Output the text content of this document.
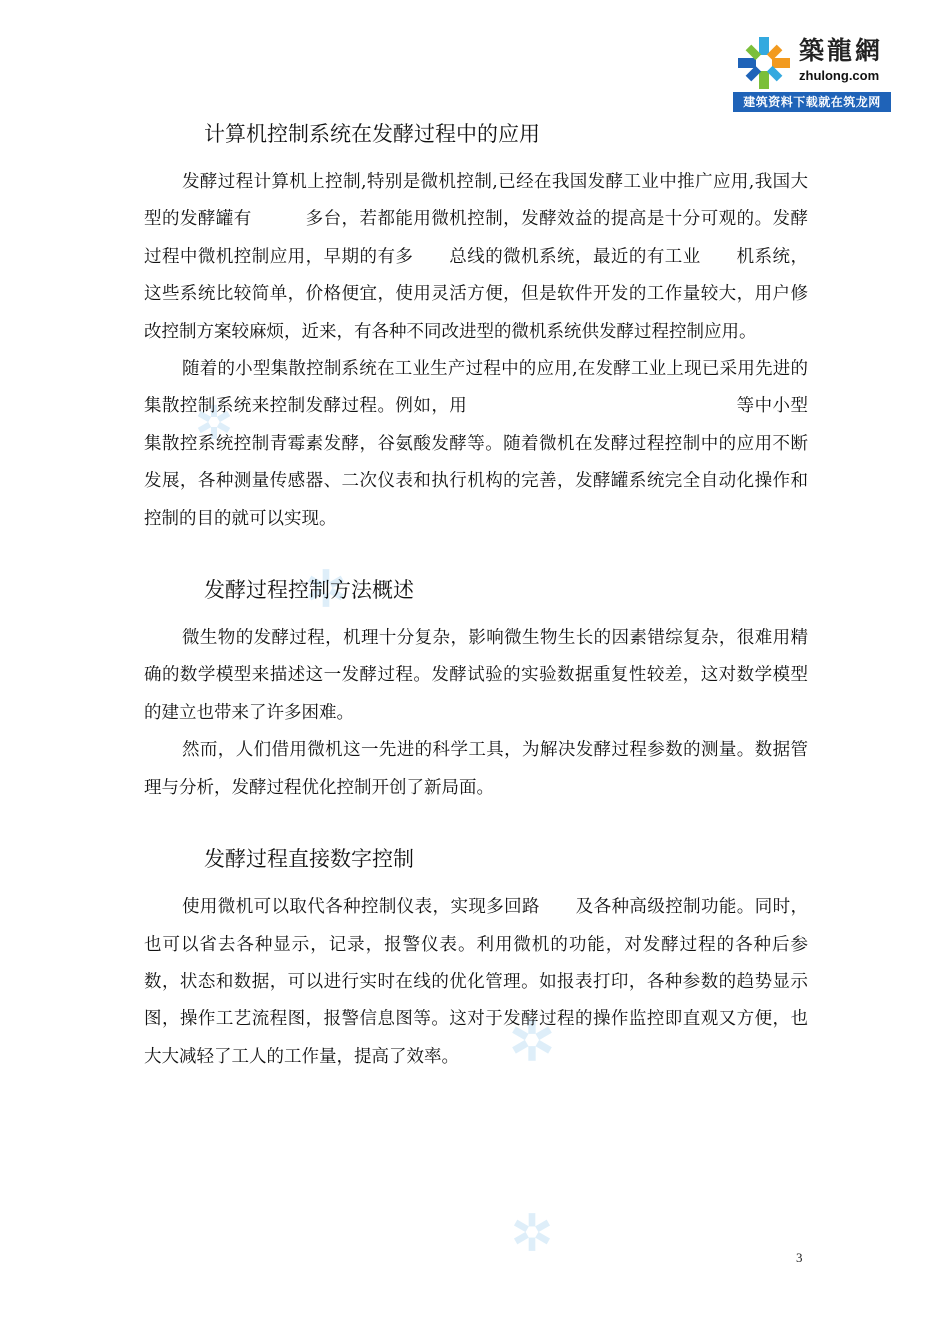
築龍網
zhulong.com
建筑资料下载就在筑龙网
计算机控制系统在发酵过程中的应用

发酵过程计算机上控制,特别是微机控制,已经在我国发酵工业中推广应用,我国大型的发酵罐有　　　多台，若都能用微机控制，发酵效益的提高是十分可观的。发酵过程中微机控制应用，早期的有多　　总线的微机系统，最近的有工业　　机系统，这些系统比较简单，价格便宜，使用灵活方便，但是软件开发的工作量较大，用户修改控制方案较麻烦，近来，有各种不同改进型的微机系统供发酵过程控制应用。

随着的小型集散控制系统在工业生产过程中的应用,在发酵工业上现已采用先进的集散控制系统来控制发酵过程。例如，用　　　　　　　　　　　　　　　等中小型集散控系统控制青霉素发酵，谷氨酸发酵等。随着微机在发酵过程控制中的应用不断发展，各种测量传感器、二次仪表和执行机构的完善，发酵罐系统完全自动化操作和控制的目的就可以实现。

发酵过程控制方法概述

微生物的发酵过程，机理十分复杂，影响微生物生长的因素错综复杂，很难用精确的数学模型来描述这一发酵过程。发酵试验的实验数据重复性较差，这对数学模型的建立也带来了许多困难。

然而，人们借用微机这一先进的科学工具，为解决发酵过程参数的测量。数据管理与分析，发酵过程优化控制开创了新局面。

发酵过程直接数字控制

使用微机可以取代各种控制仪表，实现多回路　　及各种高级控制功能。同时，也可以省去各种显示，记录，报警仪表。利用微机的功能，对发酵过程的各种后参数，状态和数据，可以进行实时在线的优化管理。如报表打印，各种参数的趋势显示图，操作工艺流程图，报警信息图等。这对于发酵过程的操作监控即直观又方便，也大大减轻了工人的工作量，提高了效率。

3
